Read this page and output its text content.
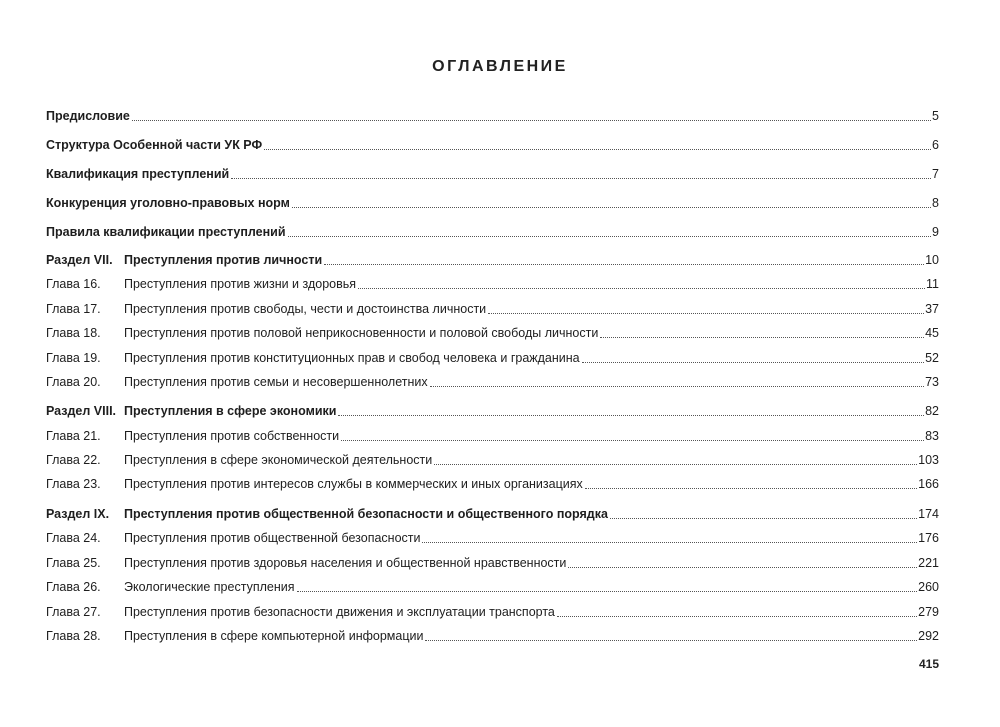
ОГЛАВЛЕНИЕ
Предисловие	5
Структура Особенной части УК РФ	6
Квалификация преступлений	7
Конкуренция уголовно-правовых норм	8
Правила квалификации преступлений	9
Раздел VII. Преступления против личности	10
Глава 16. Преступления против жизни и здоровья	11
Глава 17. Преступления против свободы, чести и достоинства личности	37
Глава 18. Преступления против половой неприкосновенности и половой свободы личности	45
Глава 19. Преступления против конституционных прав и свобод человека и гражданина	52
Глава 20. Преступления против семьи и несовершеннолетних	73
Раздел VIII. Преступления в сфере экономики	82
Глава 21. Преступления против собственности	83
Глава 22. Преступления в сфере экономической деятельности	103
Глава 23. Преступления против интересов службы в коммерческих и иных организациях	166
Раздел IX. Преступления против общественной безопасности и общественного порядка	174
Глава 24. Преступления против общественной безопасности	176
Глава 25. Преступления против здоровья населения и общественной нравственности	221
Глава 26. Экологические преступления	260
Глава 27. Преступления против безопасности движения и эксплуатации транспорта	279
Глава 28. Преступления в сфере компьютерной информации	292
415
